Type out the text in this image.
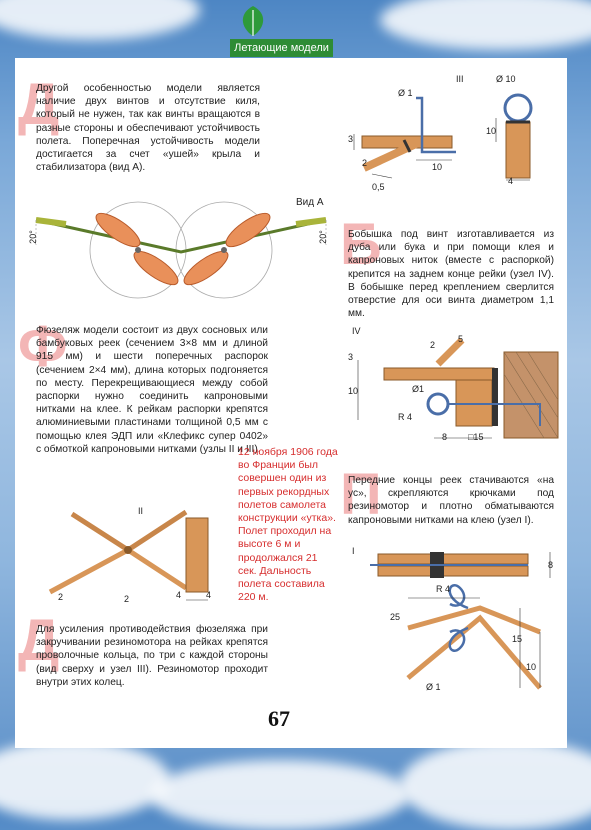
Летающие модели
Д
Ф
Б
П
Д
Другой особенностью модели является наличие двух винтов и отсутствие киля, который не нужен, так как винты вращаются в разные стороны и обеспечивают устойчивость полета. Поперечная устойчивость модели достигается за счет «ушей» крыла и стабилизатора (вид А).
Фюзеляж модели состоит из двух сосновых или бамбуковых реек (сечением 3×8 мм и длиной 915 мм) и шести поперечных распорок (сечением 2×4 мм), длина которых подгоняется по месту. Перекрещивающиеся между собой распорки нужно соединить капроновыми нитками на клее. К рейкам распорки крепятся алюминиевыми пластинами толщиной 0,5 мм с помощью клея ЭДП или «Клефикс супер 0402» с обмоткой капроновыми нитками (узлы II и III).
Для усиления противодействия фюзеляжа при закручивании резиномотора на рейках крепятся проволочные кольца, по три с каждой стороны (вид сверху и узел III). Резиномотор проходит внутри этих колец.
Бобышка под винт изготавливается из дуба или бука и при помощи клея и капроновых ниток (вместе с распоркой) крепится на заднем конце рейки (узел IV). В бобышке перед креплением сверлится отверстие для оси винта диаметром 1,1 мм.
Передние концы реек стачиваются «на ус», скрепляются крючками под резиномотор и плотно обматываются капроновыми нитками на клею (узел I).
12 ноября 1906 года во Франции был совершен один из первых рекордных полетов самолета конструкции «утка». Полет проходил на высоте 6 м и продолжался 21 сек. Дальность полета составила 220 м.
67
Вид А
20°	20°
III
Ø 1
Ø 10
3
2	10
0,5
10
4
IV
2
5
3
10	Ø1
R 4
8 □15
II
2	2	4	4
I
8
R 4
25
15
10
Ø 1
